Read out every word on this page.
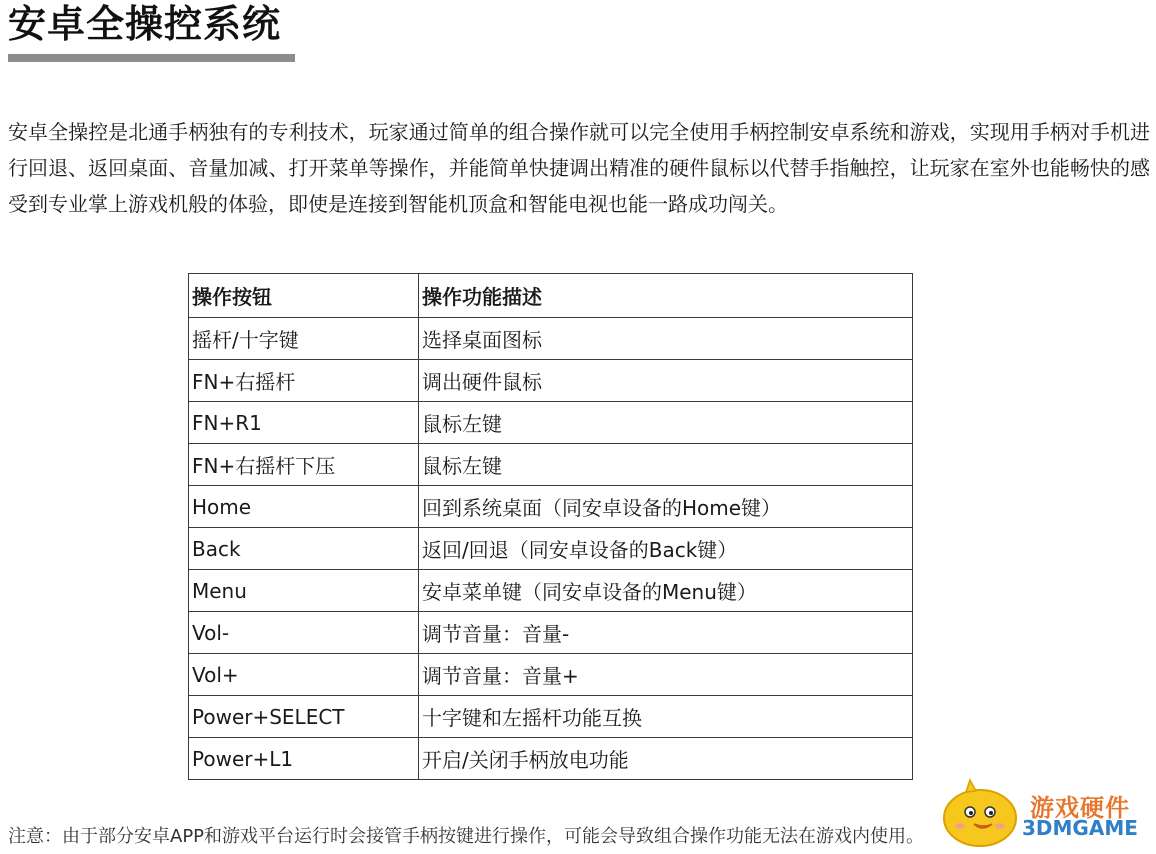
安卓全操控系统

安卓全操控是北通手柄独有的专利技术，玩家通过简单的组合操作就可以完全使用手柄控制安卓系统和游戏，实现用手柄对手机进行回退、返回桌面、音量加减、打开菜单等操作，并能简单快捷调出精准的硬件鼠标以代替手指触控，让玩家在室外也能畅快的感受到专业掌上游戏机般的体验，即使是连接到智能机顶盒和智能电视也能一路成功闯关。

操作按钮	操作功能描述
摇杆/十字键	选择桌面图标
FN+右摇杆	调出硬件鼠标
FN+R1	鼠标左键
FN+右摇杆下压	鼠标左键
Home	回到系统桌面（同安卓设备的Home键）
Back	返回/回退（同安卓设备的Back键）
Menu	安卓菜单键（同安卓设备的Menu键）
Vol-	调节音量：音量-
Vol+	调节音量：音量+
Power+SELECT	十字键和左摇杆功能互换
Power+L1	开启/关闭手柄放电功能

注意：由于部分安卓APP和游戏平台运行时会接管手柄按键进行操作，可能会导致组合操作功能无法在游戏内使用。

游戏硬件
3DMGAME
